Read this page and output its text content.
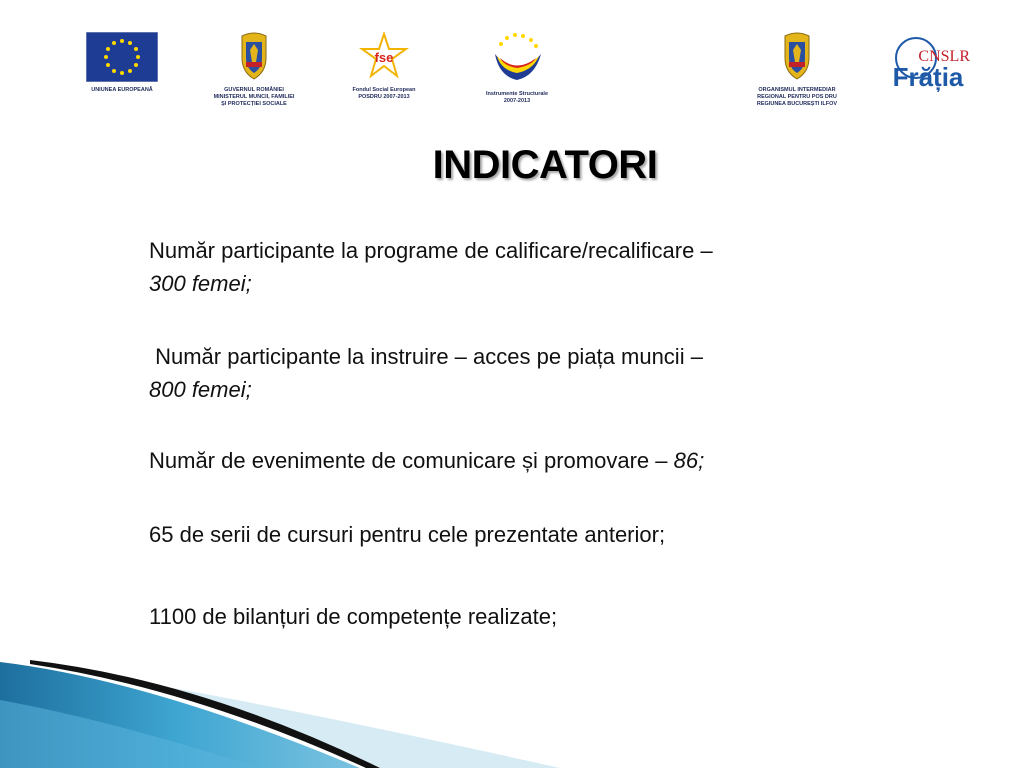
UNIUNEA EUROPEANĂ	GUVERNUL ROMÂNIEI
MINISTERUL MUNCII, FAMILIEI
ȘI PROTECȚIEI SOCIALE
fse
Fondul Social European
POSDRU 2007-2013	Instrumente Structurale
2007-2013
ORGANISMUL INTERMEDIAR
REGIONAL PENTRU POS DRU
REGIUNEA BUCUREȘTI ILFOV
CNSLR
Frăția
INDICATORI
Număr participante la programe de calificare/recalificare –
300 femei;
Număr participante la instruire – acces pe piața muncii –
800 femei;
Număr de evenimente de comunicare și promovare – 86;
65 de serii de cursuri pentru cele prezentate anterior;
1100 de bilanțuri de competențe realizate;
